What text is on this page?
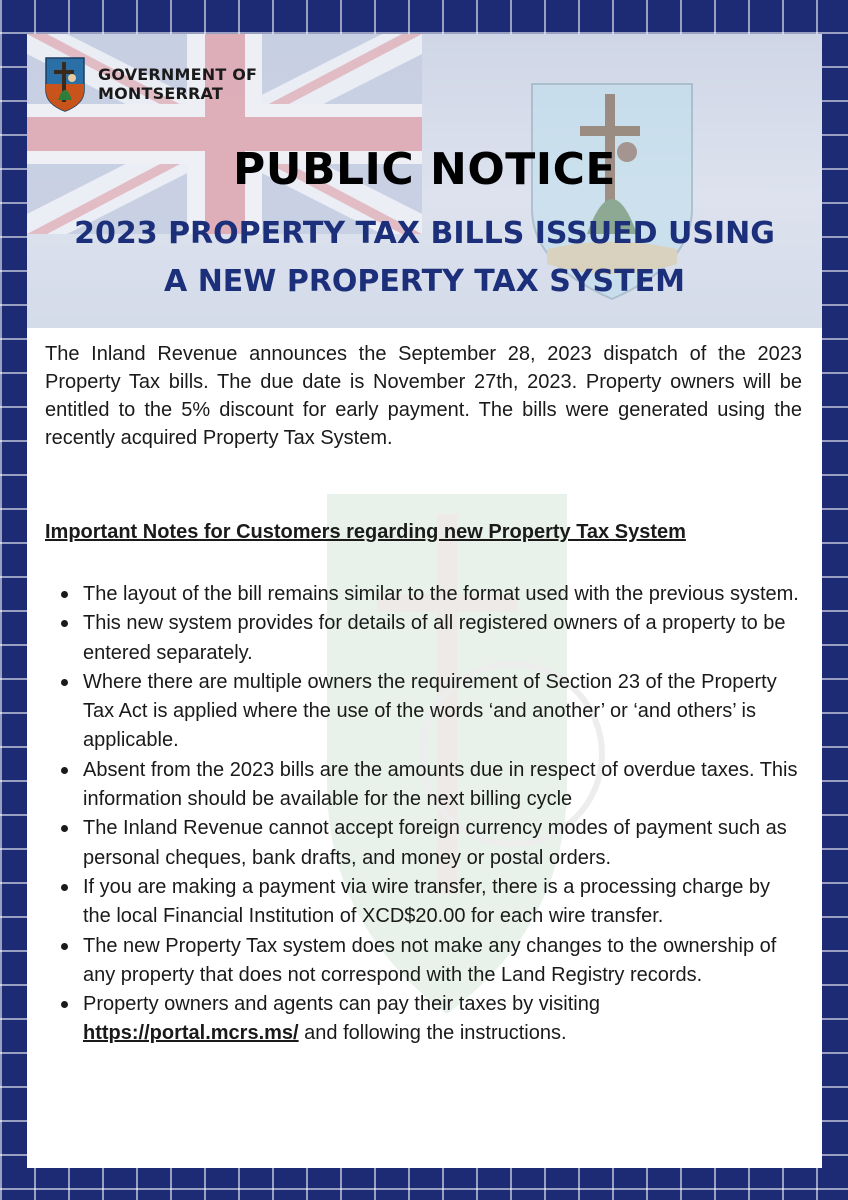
GOVERNMENT OF
MONTSERRAT
PUBLIC NOTICE
2023 PROPERTY TAX BILLS ISSUED USING
A NEW PROPERTY TAX SYSTEM
The Inland Revenue announces the September 28, 2023 dispatch of the 2023 Property Tax bills. The due date is November 27th, 2023. Property owners will be entitled to the 5% discount for early payment. The bills were generated using the recently acquired Property Tax System.
Important Notes for Customers regarding new Property Tax System
The layout of the bill remains similar to the format used with the previous system.
This new system provides for details of all registered owners of a property to be entered separately.
Where there are multiple owners the requirement of Section 23 of the Property Tax Act is applied where the use of the words ‘and another’ or ‘and others’ is applicable.
Absent from the 2023 bills are the amounts due in respect of overdue taxes. This information should be available for the next billing cycle
The Inland Revenue cannot accept foreign currency modes of payment such as personal cheques, bank drafts, and money or postal orders.
If you are making a payment via wire transfer, there is a processing charge by the local Financial Institution of XCD$20.00 for each wire transfer.
The new Property Tax system does not make any changes to the ownership of any property that does not correspond with the Land Registry records.
Property owners and agents can pay their taxes by visiting
https://portal.mcrs.ms/ and following the instructions.
